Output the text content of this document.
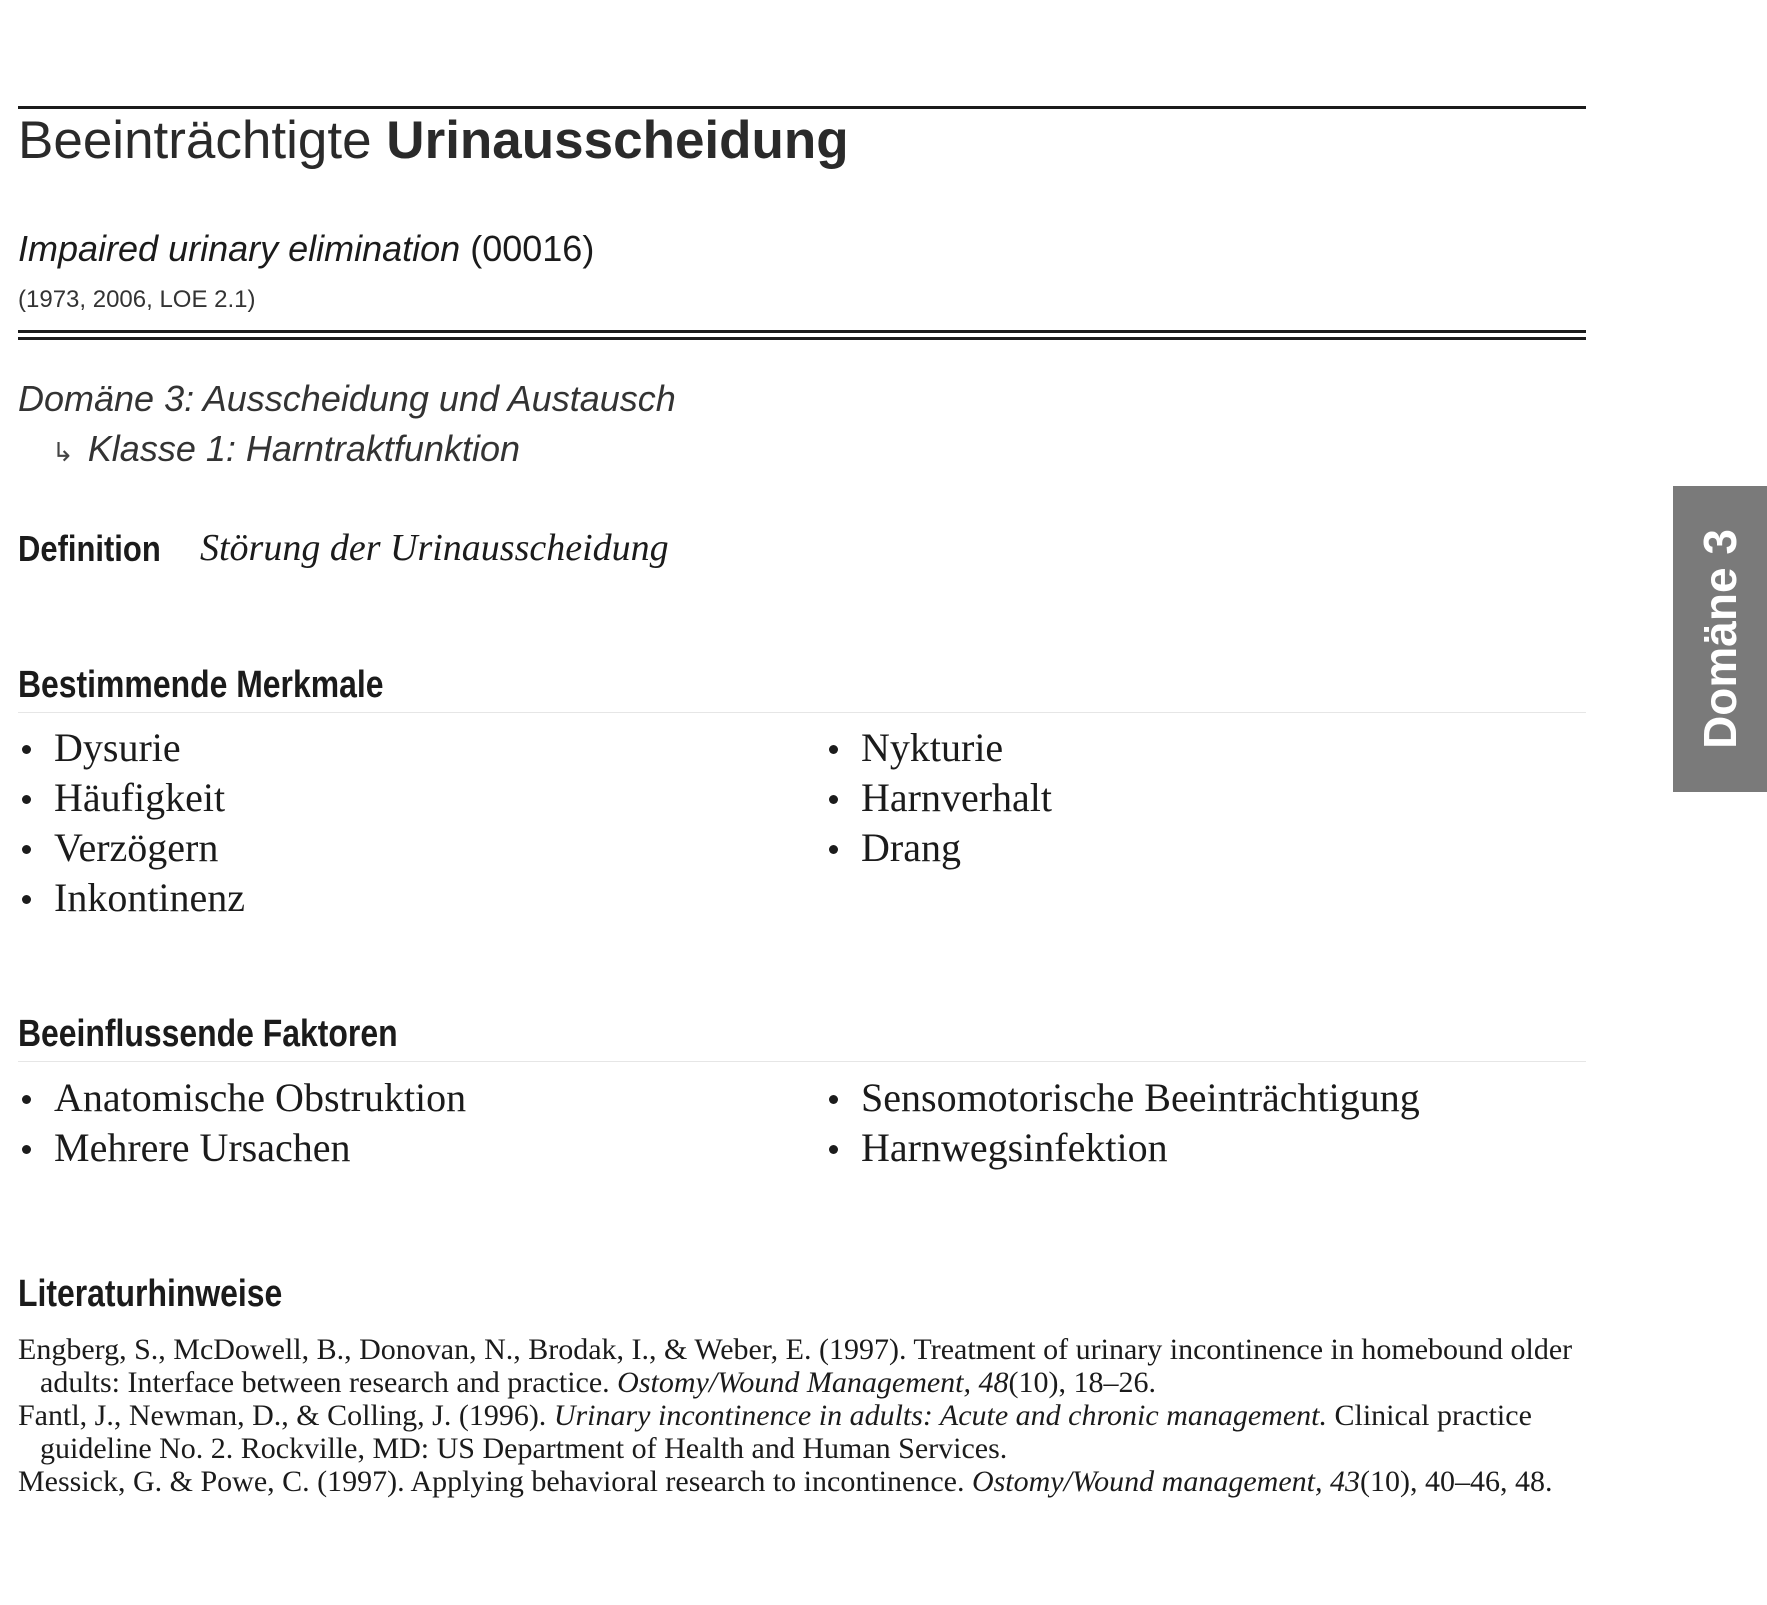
Beeinträchtigte Urinausscheidung
Impaired urinary elimination (00016)
(1973, 2006, LOE 2.1)
Domäne 3: Ausscheidung und Austausch
↳ Klasse 1: Harntraktfunktion
Definition Störung der Urinausscheidung
Bestimmende Merkmale
Dysurie
Häufigkeit
Verzögern
Inkontinenz
Nykturie
Harnverhalt
Drang
Beeinflussende Faktoren
Anatomische Obstruktion
Mehrere Ursachen
Sensomotorische Beeinträchtigung
Harnwegsinfektion
Literaturhinweise

Engberg, S., McDowell, B., Donovan, N., Brodak, I., & Weber, E. (1997). Treatment of urinary incontinence in homebound older adults: Interface between research and practice. Ostomy/Wound Management, 48(10), 18–26.

Fantl, J., Newman, D., & Colling, J. (1996). Urinary incontinence in adults: Acute and chronic management. Clinical practice guideline No. 2. Rockville, MD: US Department of Health and Human Services.

Messick, G. & Powe, C. (1997). Applying behavioral research to incontinence. Ostomy/Wound management, 43(10), 40–46, 48.

Domäne 3
